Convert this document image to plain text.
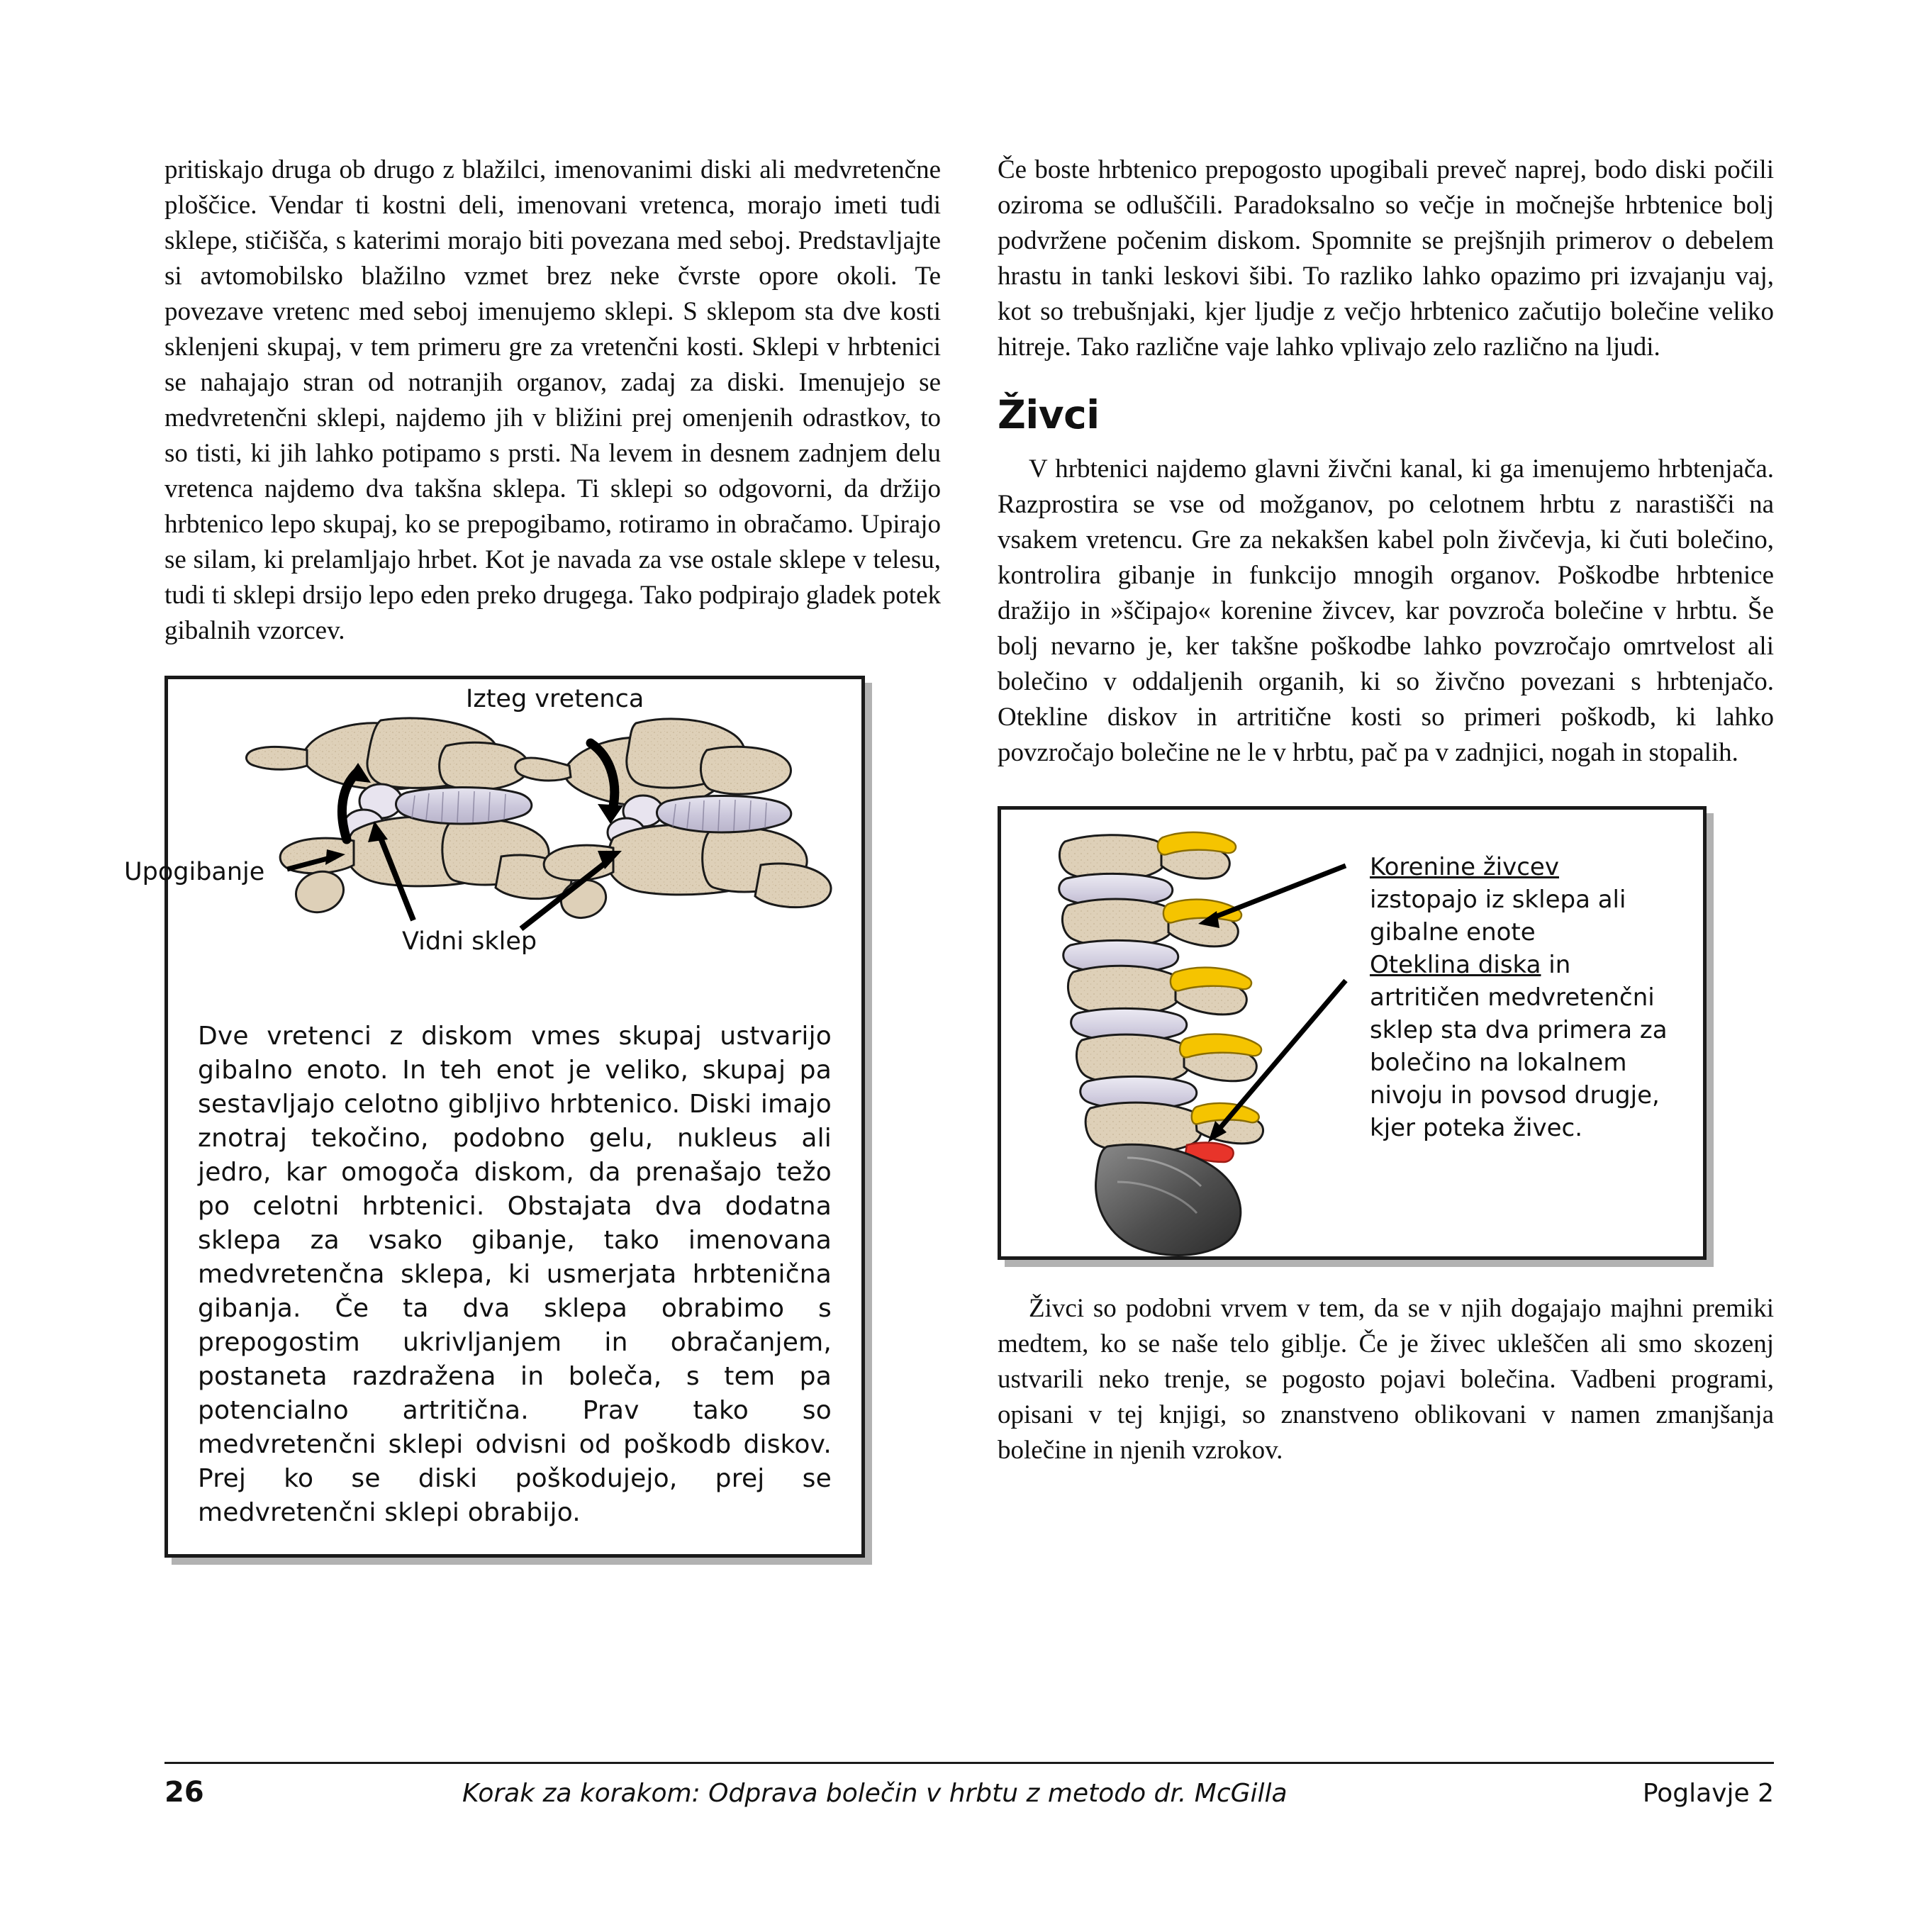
pritiskajo druga ob drugo z blažilci, imenovanimi diski ali medvretenčne ploščice. Vendar ti kostni deli, imenovani vretenca, morajo imeti tudi sklepe, stičišča, s katerimi morajo biti povezana med seboj. Predstavljajte si avtomobilsko blažilno vzmet brez neke čvrste opore okoli. Te povezave vretenc med seboj imenujemo sklepi. S sklepom sta dve kosti sklenjeni skupaj, v tem primeru gre za vretenčni kosti. Sklepi v hrbtenici se nahajajo stran od notranjih organov, zadaj za diski. Imenujejo se medvretenčni sklepi, najdemo jih v bližini prej omenjenih odrastkov, to so tisti, ki jih lahko potipamo s prsti. Na levem in desnem zadnjem delu vretenca najdemo dva takšna sklepa. Ti sklepi so odgovorni, da držijo hrbtenico lepo skupaj, ko se prepogibamo, rotiramo in obračamo. Upirajo se silam, ki prelamljajo hrbet. Kot je navada za vse ostale sklepe v telesu, tudi ti sklepi drsijo lepo eden preko drugega. Tako podpirajo gladek potek gibalnih vzorcev.

Izteg vretenca
Upogibanje
Vidni sklep
Dve vretenci z diskom vmes skupaj ustvarijo gibalno enoto. In teh enot je veliko, skupaj pa sestavljajo celotno gibljivo hrbtenico. Diski imajo znotraj tekočino, podobno gelu, nukleus ali jedro, kar omogoča diskom, da prenašajo težo po celotni hrbtenici. Obstajata dva dodatna sklepa za vsako gibanje, tako imenovana medvretenčna sklepa, ki usmerjata hrbtenična gibanja. Če ta dva sklepa obrabimo s prepogostim ukrivljanjem in obračanjem, postaneta razdražena in boleča, s tem pa potencialno artritična. Prav tako so medvretenčni sklepi odvisni od poškodb diskov. Prej ko se diski poškodujejo, prej se medvretenčni sklepi obrabijo.

Če boste hrbtenico prepogosto upogibali preveč naprej, bodo diski počili oziroma se odluščili. Paradoksalno so večje in močnejše hrbtenice bolj podvržene počenim diskom. Spomnite se prejšnjih primerov o debelem hrastu in tanki leskovi šibi. To razliko lahko opazimo pri izvajanju vaj, kot so trebušnjaki, kjer ljudje z večjo hrbtenico začutijo bolečine veliko hitreje. Tako različne vaje lahko vplivajo zelo različno na ljudi.

Živci

V hrbtenici najdemo glavni živčni kanal, ki ga imenujemo hrbtenjača. Razprostira se vse od možganov, po celotnem hrbtu z narastišči na vsakem vretencu. Gre za nekakšen kabel poln živčevja, ki čuti bolečino, kontrolira gibanje in funkcijo mnogih organov. Poškodbe hrbtenice dražijo in »ščipajo« korenine živcev, kar povzroča bolečine v hrbtu. Še bolj nevarno je, ker takšne poškodbe lahko povzročajo omrtvelost ali bolečino v oddaljenih organih, ki so živčno povezani s hrbtenjačo. Otekline diskov in artritične kosti so primeri poškodb, ki lahko povzročajo bolečine ne le v hrbtu, pač pa v zadnjici, nogah in stopalih.

Korenine živcev
izstopajo iz sklepa ali gibalne enote
Oteklina diska in artritičen medvretenčni sklep sta dva primera za bolečino na lokalnem nivoju in povsod drugje, kjer poteka živec.

Živci so podobni vrvem v tem, da se v njih dogajajo majhni premiki medtem, ko se naše telo giblje. Če je živec ukleščen ali smo skozenj ustvarili neko trenje, se pogosto pojavi bolečina. Vadbeni programi, opisani v tej knjigi, so znanstveno oblikovani v namen zmanjšanja bolečine in njenih vzrokov.

26	Korak za korakom: Odprava bolečin v hrbtu z metodo dr. McGilla	Poglavje 2
